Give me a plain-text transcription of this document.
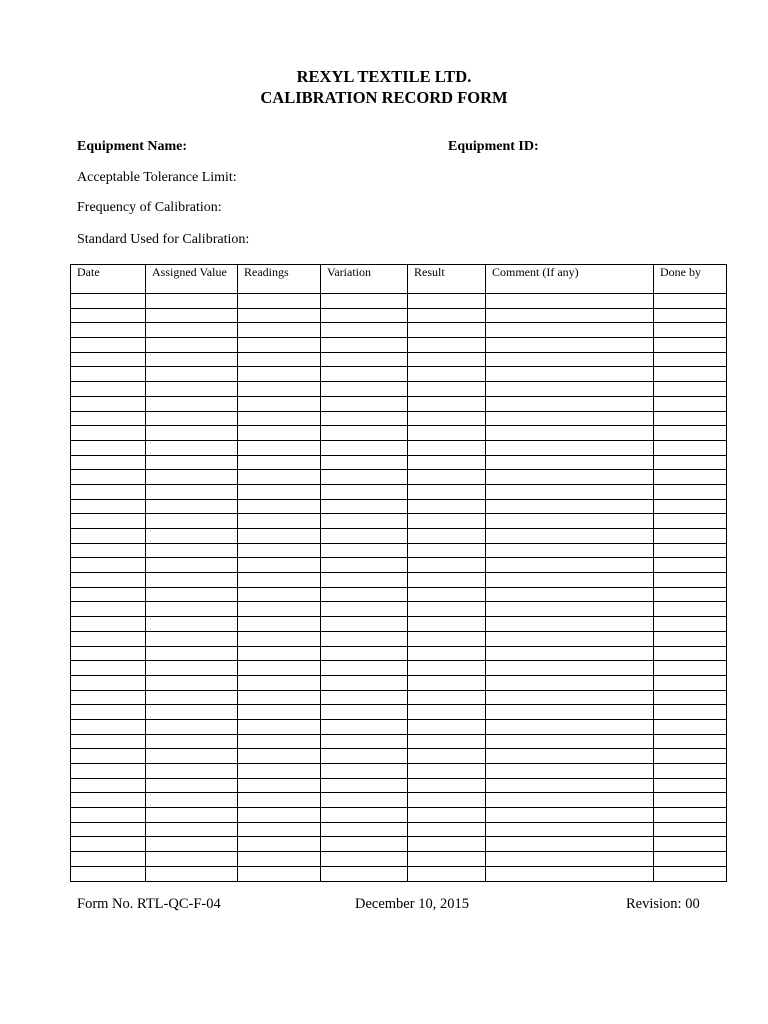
REXYL TEXTILE LTD.
CALIBRATION RECORD FORM
Equipment Name:	Equipment ID:
Acceptable Tolerance Limit:
Frequency of Calibration:
Standard Used for Calibration:
Date	Assigned Value	Readings	Variation	Result	Comment (If any)	Done by

Form No. RTL-QC-F-04	December 10, 2015	Revision: 00
